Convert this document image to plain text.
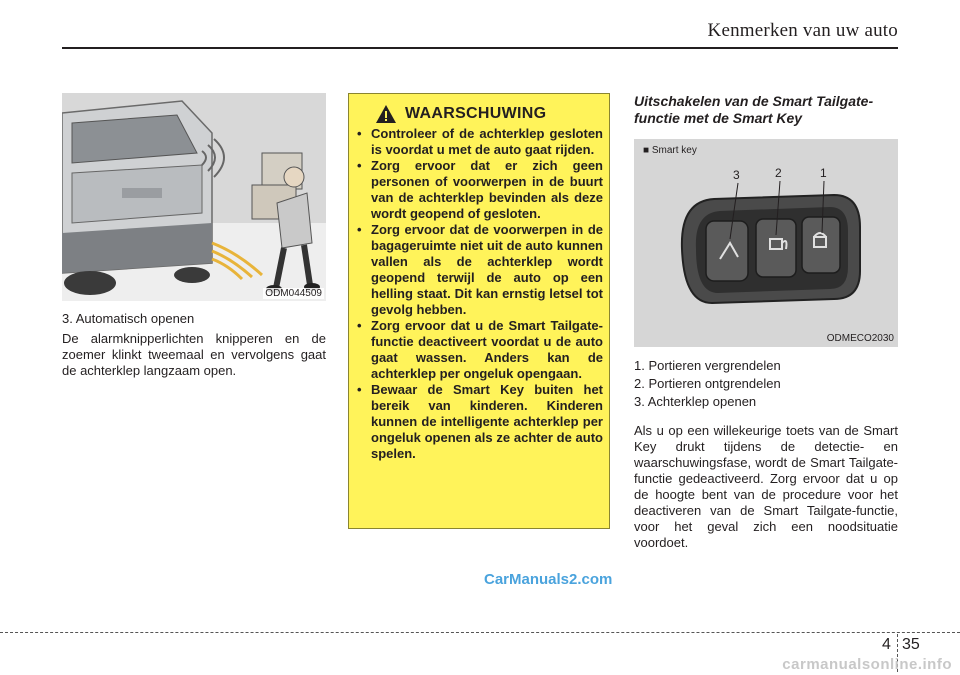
Kenmerken van uw auto
ODM044509

3. Automatisch openen

De alarmknipperlichten knipperen en de zoemer klinkt tweemaal en vervolgens gaat de achterklep langzaam open.

WAARSCHUWING
• Controleer of de achterklep gesloten is voordat u met de auto gaat rijden.
• Zorg ervoor dat er zich geen personen of voorwerpen in de buurt van de achterklep bevinden als deze wordt geopend of gesloten.
• Zorg ervoor dat de voorwerpen in de bagageruimte niet uit de auto kunnen vallen als de achterklep wordt geopend terwijl de auto op een helling staat. Dit kan ernstig letsel tot gevolg hebben.
• Zorg ervoor dat u de Smart Tailgate-functie deactiveert voordat u de auto gaat wassen. Anders kan de achterklep per ongeluk opengaan.
• Bewaar de Smart Key buiten het bereik van kinderen. Kinderen kunnen de intelligente achterklep per ongeluk openen als ze achter de auto spelen.

Uitschakelen van de Smart Tailgate-functie met de Smart Key

■ Smart key
3	2	1
ODMECO2030
1. Portieren vergrendelen
2. Portieren ontgrendelen
3. Achterklep openen

Als u op een willekeurige toets van de Smart Key drukt tijdens de detectie- en waarschuwingsfase, wordt de Smart Tailgate-functie gedeactiveerd. Zorg ervoor dat u op de hoogte bent van de procedure voor het deactiveren van de Smart Tailgate-functie, voor het geval zich een noodsituatie voordoet.

CarManuals2.com
4 35
carmanualsonline.info
